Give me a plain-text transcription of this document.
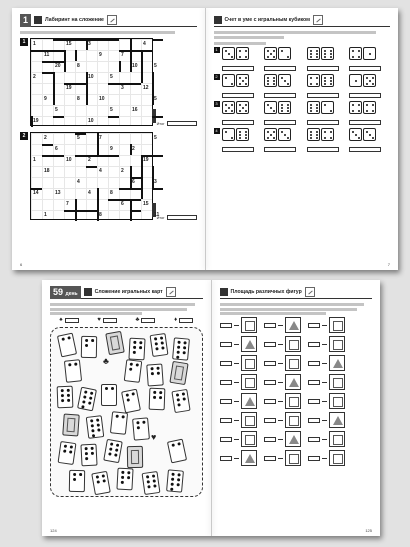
1	Лабиринт на сложение
1	1	3	4
15
7
11	9
5
8	10
20
5
2	10
12
19	3
9	10	5
8
16
5	5
19	10	Итог
2	2	7	5
5
2
6	9
1	2	19
10
2
18	4
3
4	6
13	8
14	4
15
7	6
1	8	11
Итог
6
Счет в уме с игральным кубиком
1
2
3
4
7
59 день	Сложение игральных карт
♠	♥	♣	♦
♣
♥
124
Площадь различных фигур
125
